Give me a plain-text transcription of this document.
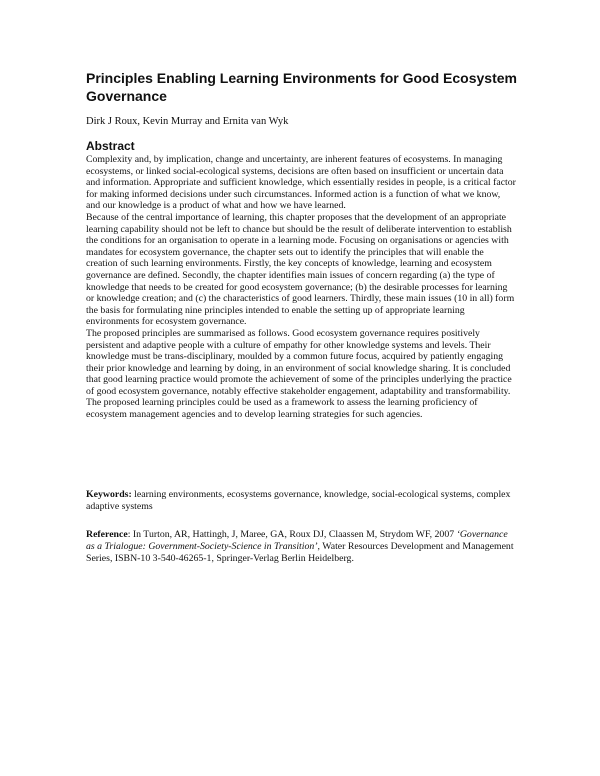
Principles Enabling Learning Environments for Good Ecosystem Governance

Dirk J Roux, Kevin Murray and Ernita van Wyk

Abstract

Complexity and, by implication, change and uncertainty, are inherent features of ecosystems. In managing ecosystems, or linked social-ecological systems, decisions are often based on insufficient or uncertain data and information. Appropriate and sufficient knowledge, which essentially resides in people, is a critical factor for making informed decisions under such circumstances. Informed action is a function of what we know, and our knowledge is a product of what and how we have learned.

Because of the central importance of learning, this chapter proposes that the development of an appropriate learning capability should not be left to chance but should be the result of deliberate intervention to establish the conditions for an organisation to operate in a learning mode. Focusing on organisations or agencies with mandates for ecosystem governance, the chapter sets out to identify the principles that will enable the creation of such learning environments. Firstly, the key concepts of knowledge, learning and ecosystem governance are defined. Secondly, the chapter identifies main issues of concern regarding (a) the type of knowledge that needs to be created for good ecosystem governance; (b) the desirable processes for learning or knowledge creation; and (c) the characteristics of good learners. Thirdly, these main issues (10 in all) form the basis for formulating nine principles intended to enable the setting up of appropriate learning environments for ecosystem governance.

The proposed principles are summarised as follows. Good ecosystem governance requires positively persistent and adaptive people with a culture of empathy for other knowledge systems and levels. Their knowledge must be trans-disciplinary, moulded by a common future focus, acquired by patiently engaging their prior knowledge and learning by doing, in an environment of social knowledge sharing. It is concluded that good learning practice would promote the achievement of some of the principles underlying the practice of good ecosystem governance, notably effective stakeholder engagement, adaptability and transformability. The proposed learning principles could be used as a framework to assess the learning proficiency of ecosystem management agencies and to develop learning strategies for such agencies.

Keywords: learning environments, ecosystems governance, knowledge, social-ecological systems, complex adaptive systems

Reference: In Turton, AR, Hattingh, J, Maree, GA, Roux DJ, Claassen M, Strydom WF, 2007 ‘Governance as a Trialogue: Government-Society-Science in Transition’, Water Resources Development and Management Series, ISBN-10 3-540-46265-1, Springer-Verlag Berlin Heidelberg.
